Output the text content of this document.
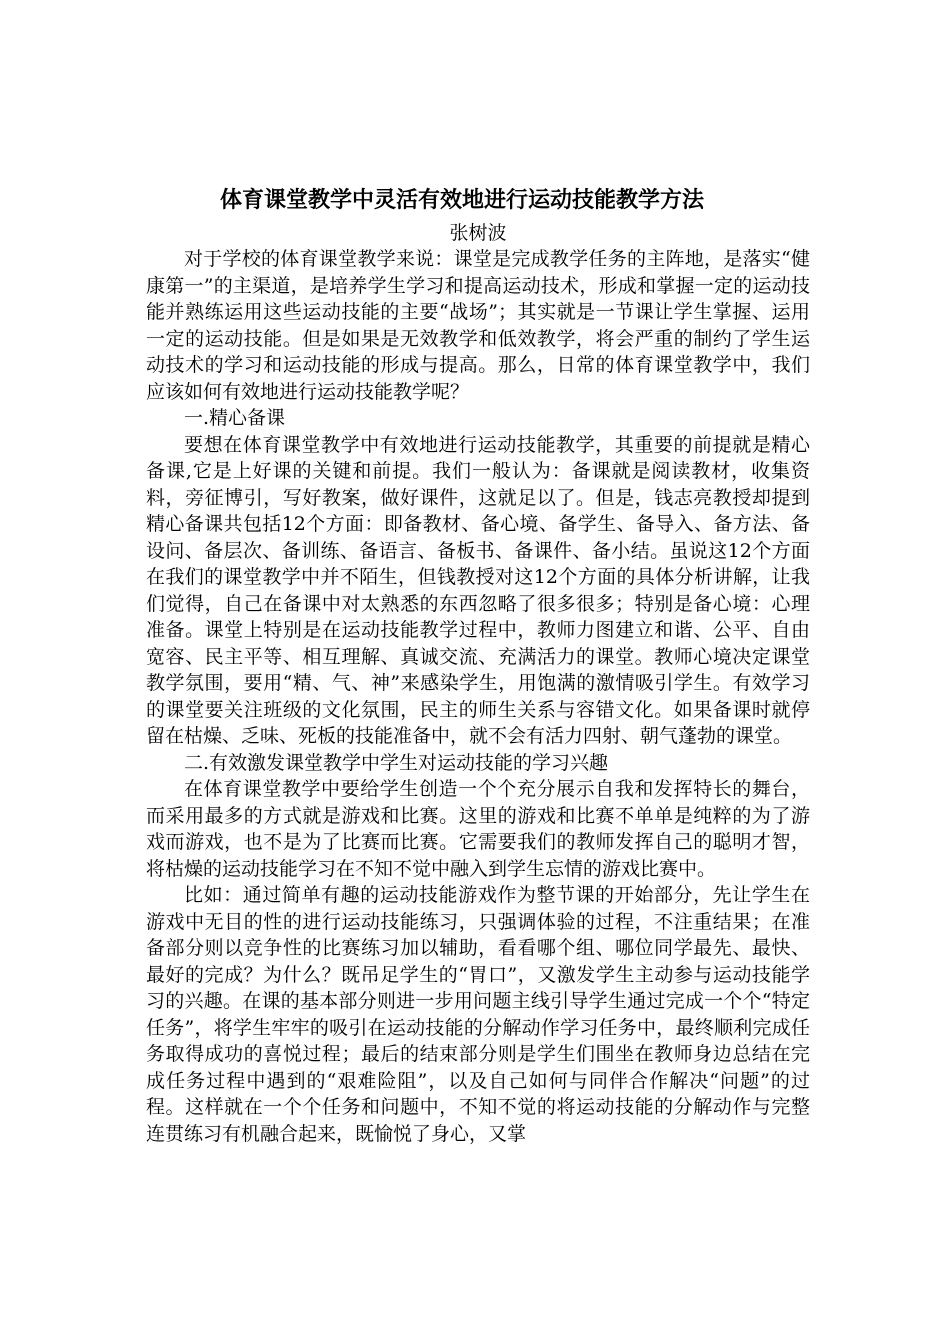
体育课堂教学中灵活有效地进行运动技能教学方法

张树波

对于学校的体育课堂教学来说：课堂是完成教学任务的主阵地，是落实“健康第一”的主渠道，是培养学生学习和提高运动技术，形成和掌握一定的运动技能并熟练运用这些运动技能的主要“战场”；其实就是一节课让学生掌握、运用一定的运动技能。但是如果是无效教学和低效教学，将会严重的制约了学生运动技术的学习和运动技能的形成与提高。那么，日常的体育课堂教学中，我们应该如何有效地进行运动技能教学呢？

一.精心备课

要想在体育课堂教学中有效地进行运动技能教学，其重要的前提就是精心备课,它是上好课的关键和前提。我们一般认为：备课就是阅读教材，收集资料，旁征博引，写好教案，做好课件，这就足以了。但是，钱志亮教授却提到精心备课共包括12个方面：即备教材、备心境、备学生、备导入、备方法、备设问、备层次、备训练、备语言、备板书、备课件、备小结。虽说这12个方面在我们的课堂教学中并不陌生，但钱教授对这12个方面的具体分析讲解，让我们觉得，自己在备课中对太熟悉的东西忽略了很多很多；特别是备心境：心理准备。课堂上特别是在运动技能教学过程中，教师力图建立和谐、公平、自由宽容、民主平等、相互理解、真诚交流、充满活力的课堂。教师心境决定课堂教学氛围，要用“精、气、神”来感染学生，用饱满的激情吸引学生。有效学习的课堂要关注班级的文化氛围，民主的师生关系与容错文化。如果备课时就停留在枯燥、乏味、死板的技能准备中，就不会有活力四射、朝气蓬勃的课堂。

二.有效激发课堂教学中学生对运动技能的学习兴趣

在体育课堂教学中要给学生创造一个个充分展示自我和发挥特长的舞台，而采用最多的方式就是游戏和比赛。这里的游戏和比赛不单单是纯粹的为了游戏而游戏，也不是为了比赛而比赛。它需要我们的教师发挥自己的聪明才智，将枯燥的运动技能学习在不知不觉中融入到学生忘情的游戏比赛中。

比如：通过简单有趣的运动技能游戏作为整节课的开始部分，先让学生在游戏中无目的性的进行运动技能练习，只强调体验的过程，不注重结果；在准备部分则以竞争性的比赛练习加以辅助，看看哪个组、哪位同学最先、最快、最好的完成？为什么？既吊足学生的“胃口”，又激发学生主动参与运动技能学习的兴趣。在课的基本部分则进一步用问题主线引导学生通过完成一个个“特定任务”，将学生牢牢的吸引在运动技能的分解动作学习任务中，最终顺利完成任务取得成功的喜悦过程；最后的结束部分则是学生们围坐在教师身边总结在完成任务过程中遇到的“艰难险阻”，以及自己如何与同伴合作解决“问题”的过程。这样就在一个个任务和问题中，不知不觉的将运动技能的分解动作与完整连贯练习有机融合起来，既愉悦了身心，又掌
